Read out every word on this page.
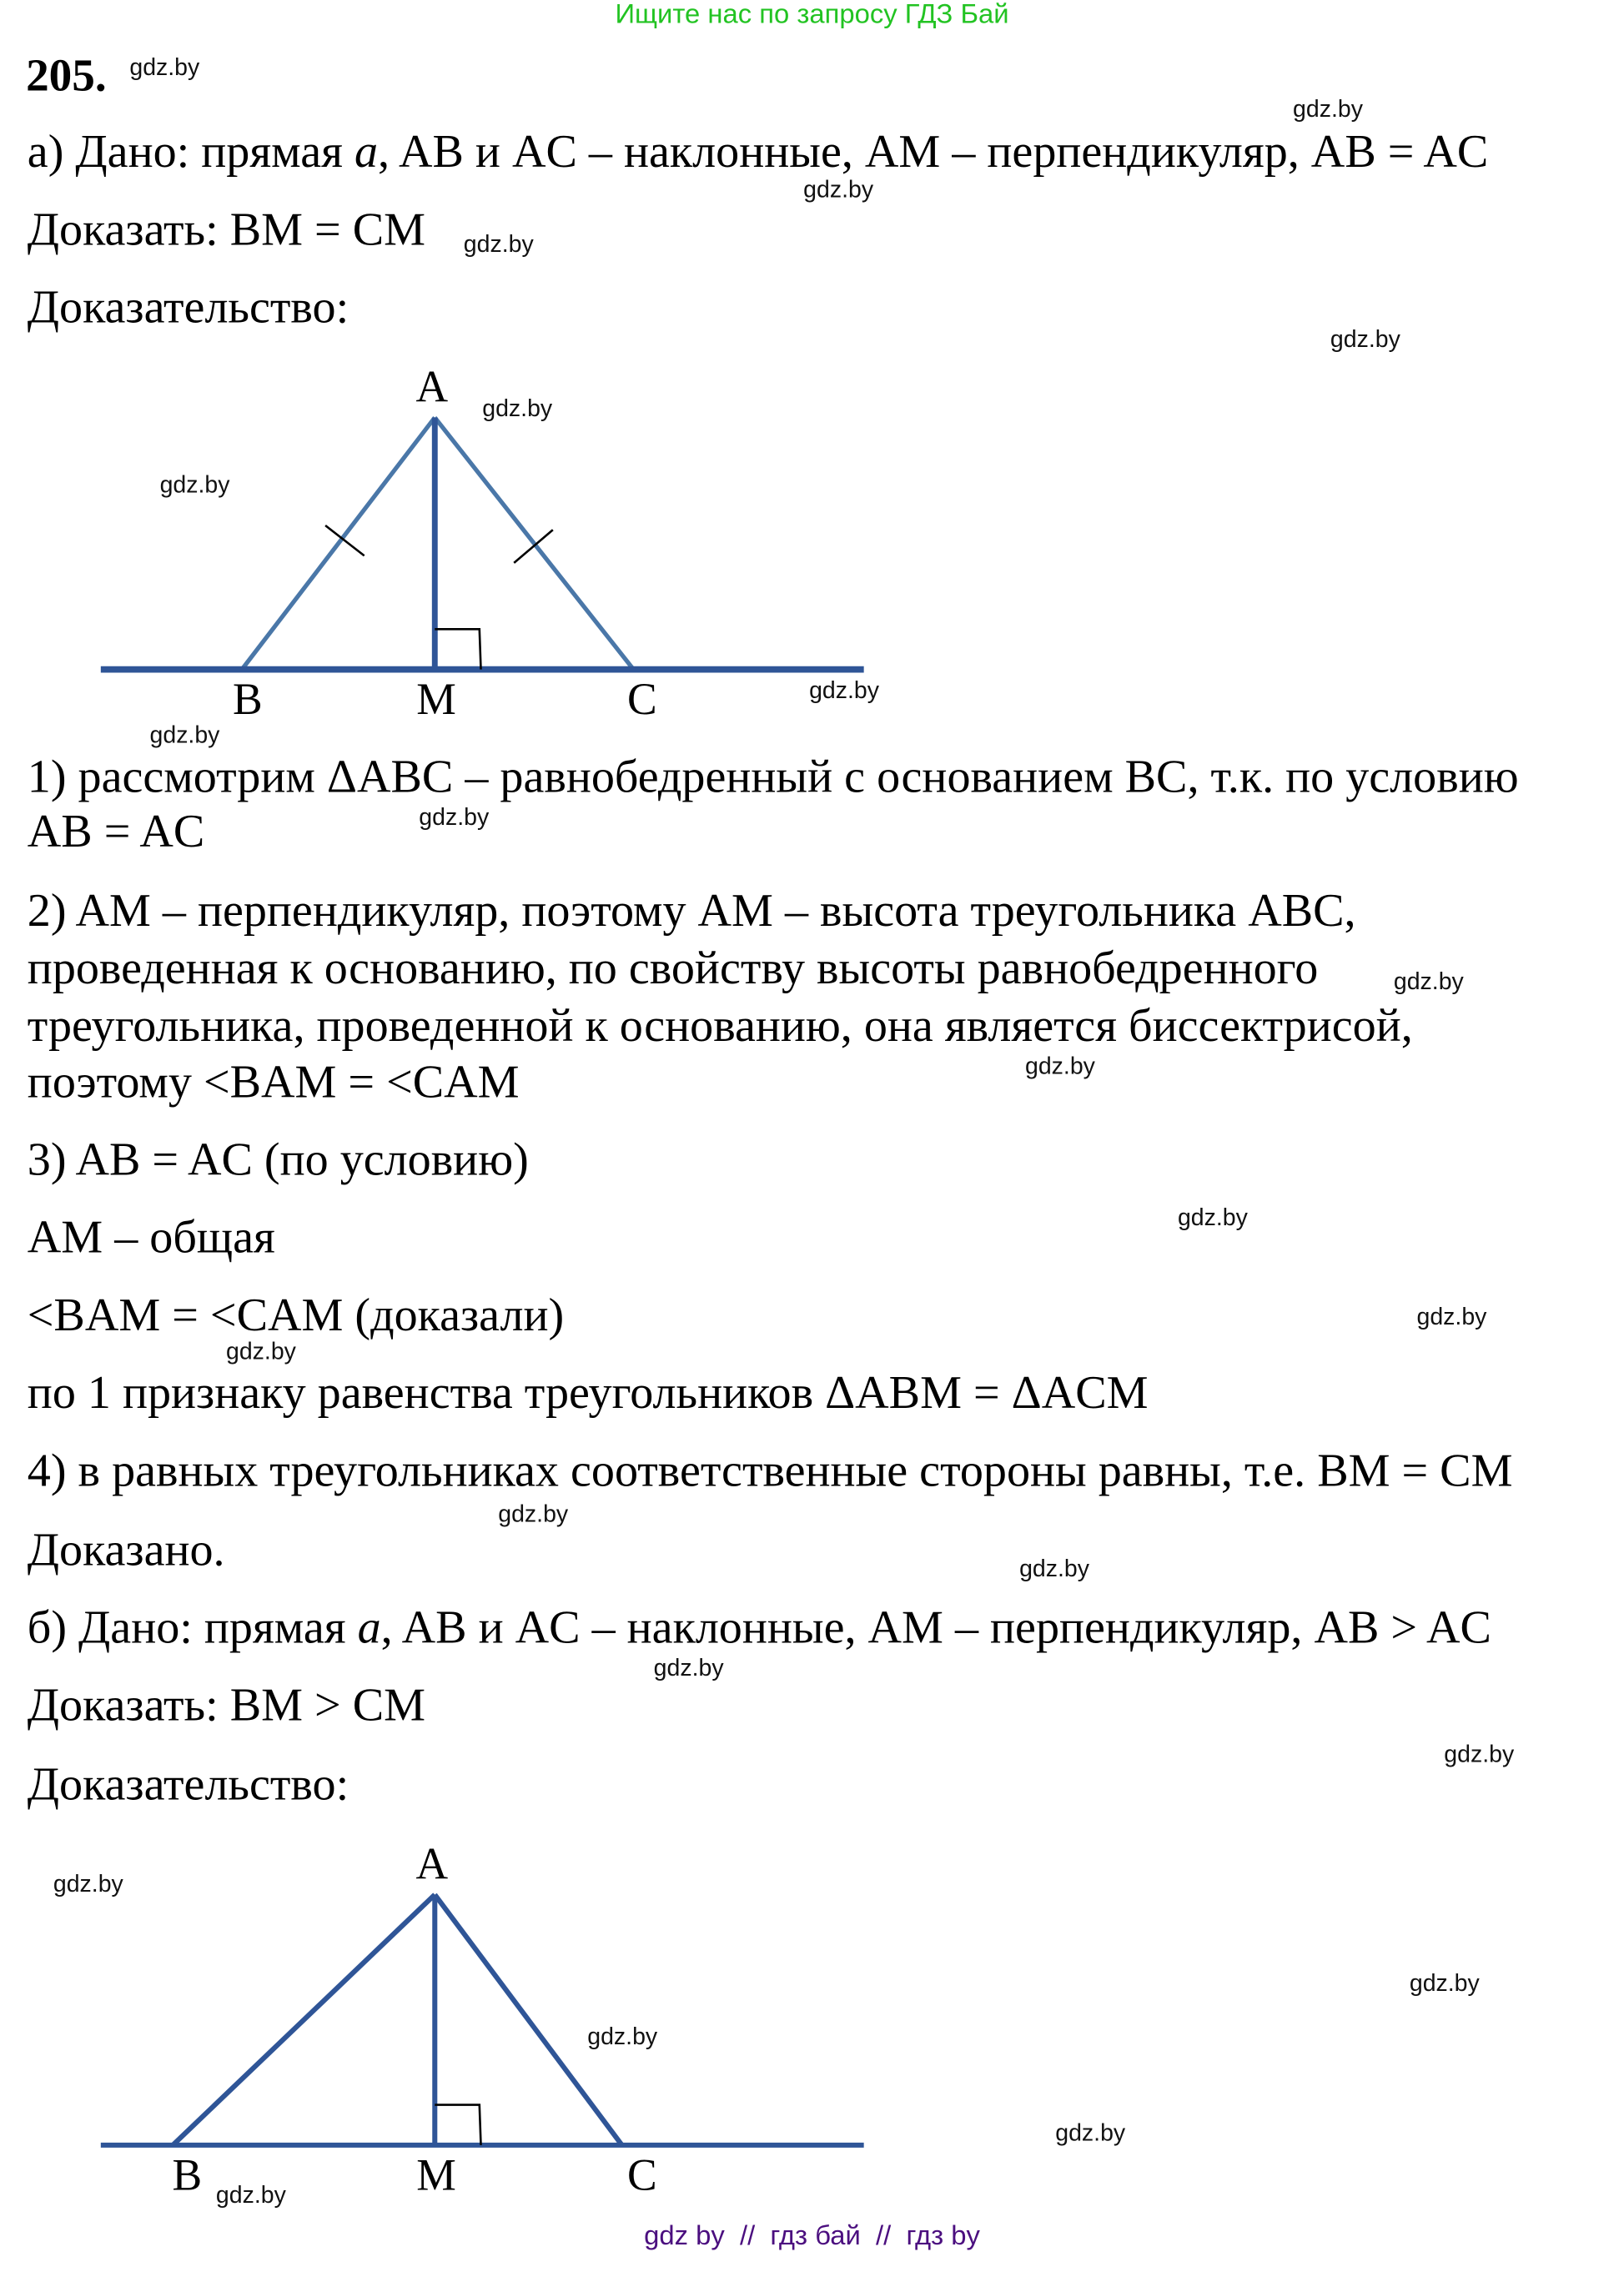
Ищите нас по запросу ГДЗ Бай
205.
а) Дано: прямая a, AB и AC – наклонные, AM – перпендикуляр, AB = AC
Доказать: BM = CM
Доказательство:
A
B	M	C
A
B	M	C
1) рассмотрим ΔABC – равнобедренный с основанием BC, т.к. по условию
AB = AC
2) AM – перпендикуляр, поэтому AM – высота треугольника ABC,
проведенная к основанию, по свойству высоты равнобедренного
треугольника, проведенной к основанию, она является биссектрисой,
поэтому <BAM = <CAM
3) AB = AC (по условию)
AM – общая
<BAM = <CAM (доказали)
по 1 признаку равенства треугольников ΔABM = ΔACM
4) в равных треугольниках соответственные стороны равны, т.е. BM = CM
Доказано.
б) Дано: прямая a, AB и AC – наклонные, AM – перпендикуляр, AB > AC
Доказать: BM > CM
Доказательство:
gdz.by
gdz.by
gdz.by
gdz.by
gdz.by
gdz.by
gdz.by
gdz.by
gdz.by
gdz.by
gdz.by
gdz.by
gdz.by
gdz.by
gdz.by
gdz.by
gdz.by
gdz.by
gdz.by
gdz.by
gdz.by
gdz.by
gdz.by
gdz.by
gdz by  //  гдз бай  //  гдз by
